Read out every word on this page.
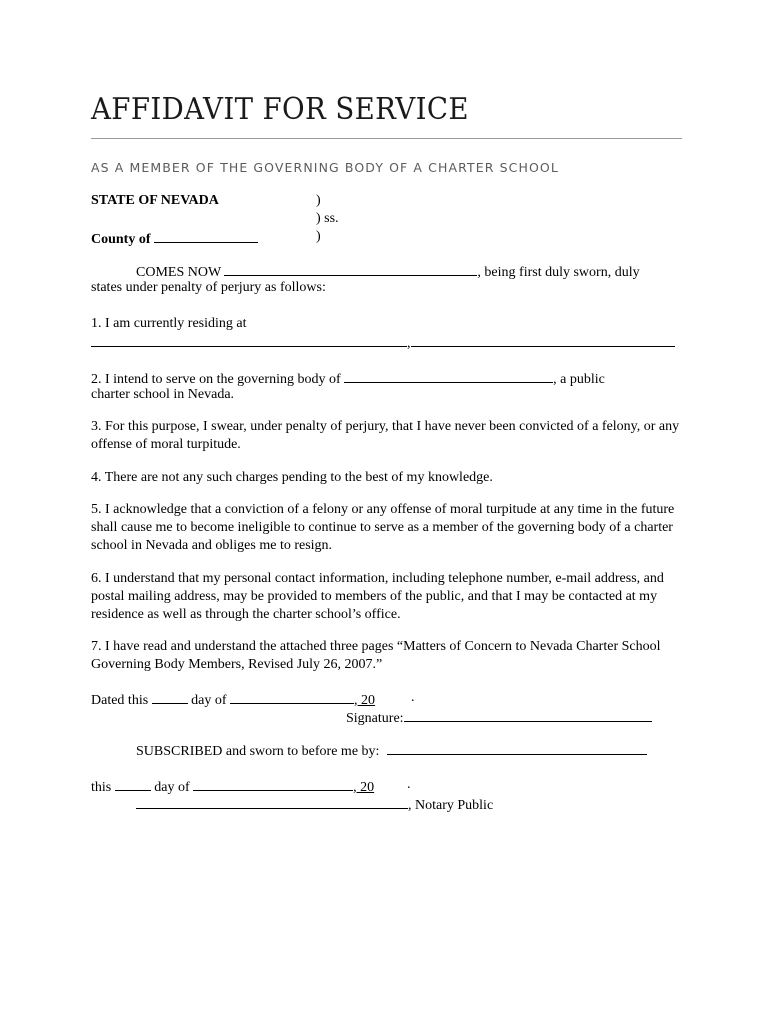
AFFIDAVIT FOR SERVICE
AS A MEMBER OF THE GOVERNING BODY OF A CHARTER SCHOOL
STATE OF NEVADA	)
) ss.
County of	)
COMES NOW	, being first duly sworn, duly
states under penalty of perjury as follows:
1. I am currently residing at
,
2. I intend to serve on the governing body of	, a public
charter school in Nevada.

3. For this purpose, I swear, under penalty of perjury, that I have never been convicted of a felony, or any offense of moral turpitude.

4. There are not any such charges pending to the best of my knowledge.

5. I acknowledge that a conviction of a felony or any offense of moral turpitude at any time in the future shall cause me to become ineligible to continue to serve as a member of the governing body of a charter school in Nevada and obliges me to resign.

6. I understand that my personal contact information, including telephone number, e-mail address, and postal mailing address, may be provided to members of the public, and that I may be contacted at my residence as well as through the charter school’s office.

7. I have read and understand the attached three pages “Matters of Concern to Nevada Charter School Governing Body Members, Revised July 26, 2007.”

Dated this	day of	, 20	.
Signature:
SUBSCRIBED and sworn to before me by:
this	day of	, 20 .
, Notary Public
